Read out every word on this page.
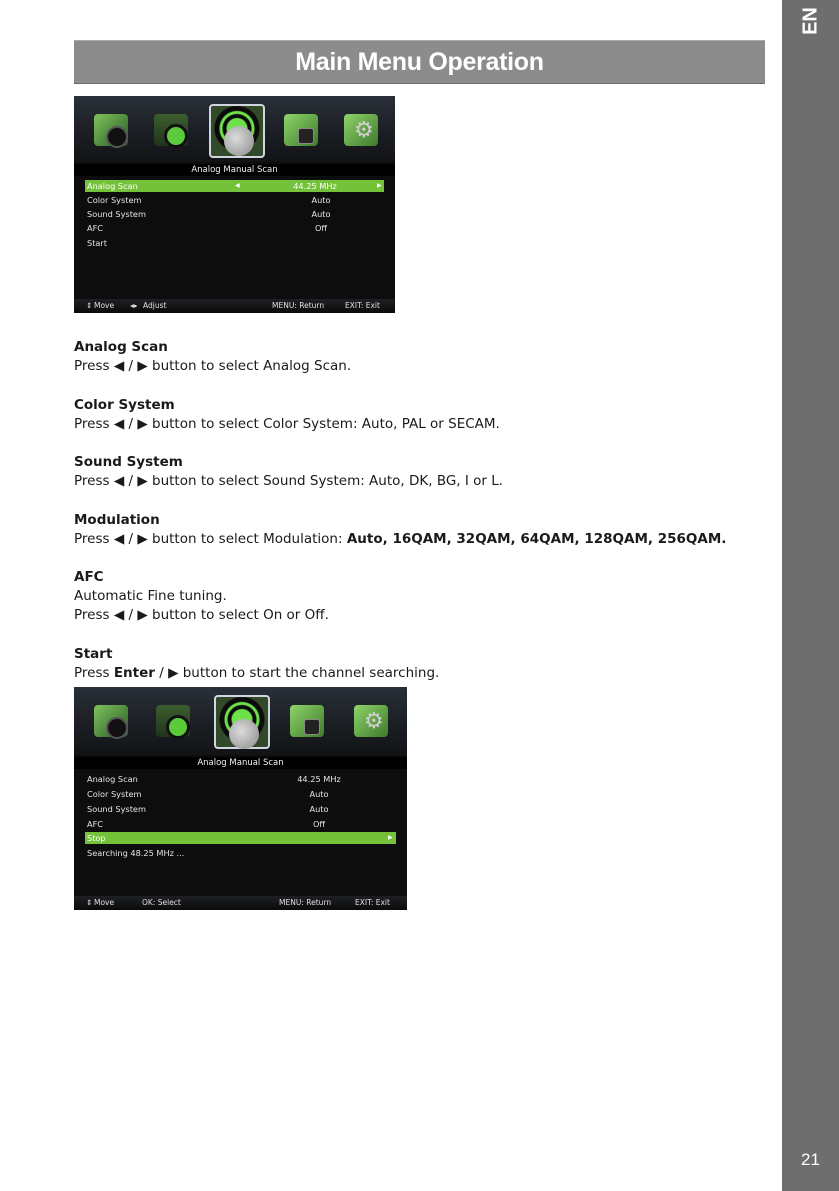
EN
21
Main Menu Operation
⚙
Analog Manual Scan
Analog Scan	◀	44.25 MHz	▶
Color System	Auto
Sound System	Auto
AFC	Off
Start
⇕ Move ◂▸ Adjust	MENU: Return	EXIT: Exit
Analog Scan
Press ◀ / ▶ button to select Analog Scan.
Color System
Press ◀ / ▶ button to select Color System: Auto, PAL or SECAM.
Sound System
Press ◀ / ▶ button to select Sound System: Auto, DK, BG, I or L.
Modulation
Press ◀ / ▶ button to select Modulation: Auto, 16QAM, 32QAM, 64QAM, 128QAM, 256QAM.
AFC
Automatic Fine tuning.
Press ◀ / ▶ button to select On or Off.
Start
Press Enter / ▶ button to start the channel searching.
⚙
Analog Manual Scan
Analog Scan	44.25 MHz
Color System	Auto
Sound System	Auto
AFC	Off
Stop	▶
Searching 48.25 MHz ...
⇕ Move	OK: Select	MENU: Return	EXIT: Exit
